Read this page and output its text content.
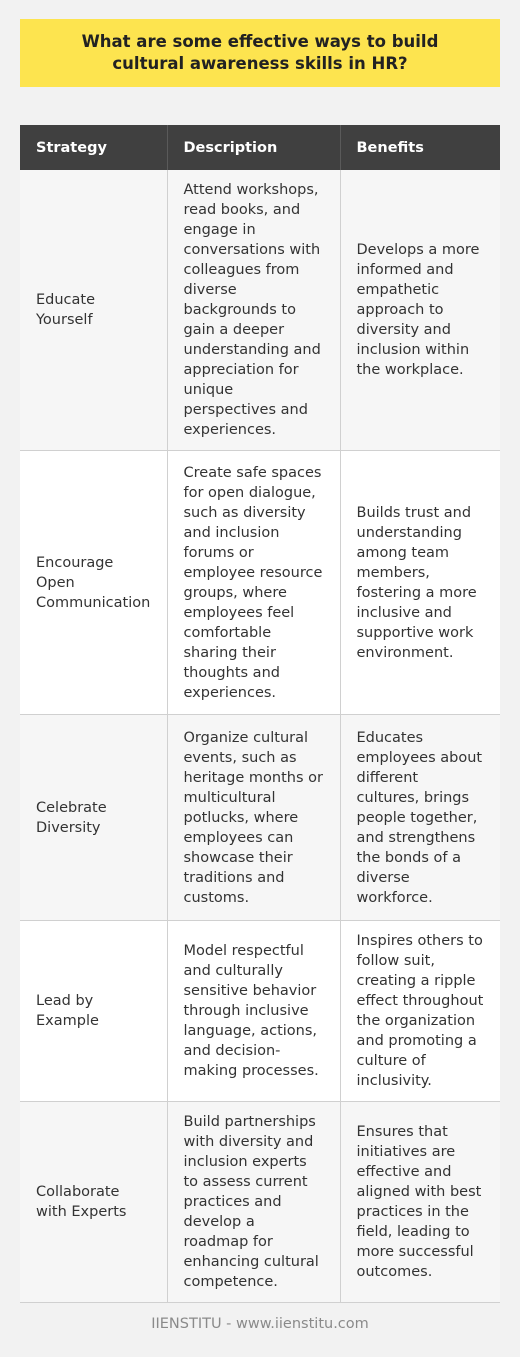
What are some effective ways to build cultural awareness skills in HR?
Strategy	Description	Benefits
Educate Yourself	Attend workshops, read books, and engage in conversations with colleagues from diverse backgrounds to gain a deeper understanding and appreciation for unique perspectives and experiences.	Develops a more informed and empathetic approach to diversity and inclusion within the workplace.
Encourage Open Communication	Create safe spaces for open dialogue, such as diversity and inclusion forums or employee resource groups, where employees feel comfortable sharing their thoughts and experiences.	Builds trust and understanding among team members, fostering a more inclusive and supportive work environment.
Celebrate Diversity	Organize cultural events, such as heritage months or multicultural potlucks, where employees can showcase their traditions and customs.	Educates employees about different cultures, brings people together, and strengthens the bonds of a diverse workforce.
Lead by Example	Model respectful and culturally sensitive behavior through inclusive language, actions, and decision-making processes.	Inspires others to follow suit, creating a ripple effect throughout the organization and promoting a culture of inclusivity.
Collaborate with Experts	Build partnerships with diversity and inclusion experts to assess current practices and develop a roadmap for enhancing cultural competence.	Ensures that initiatives are effective and aligned with best practices in the field, leading to more successful outcomes.
IIENSTITU - www.iienstitu.com
